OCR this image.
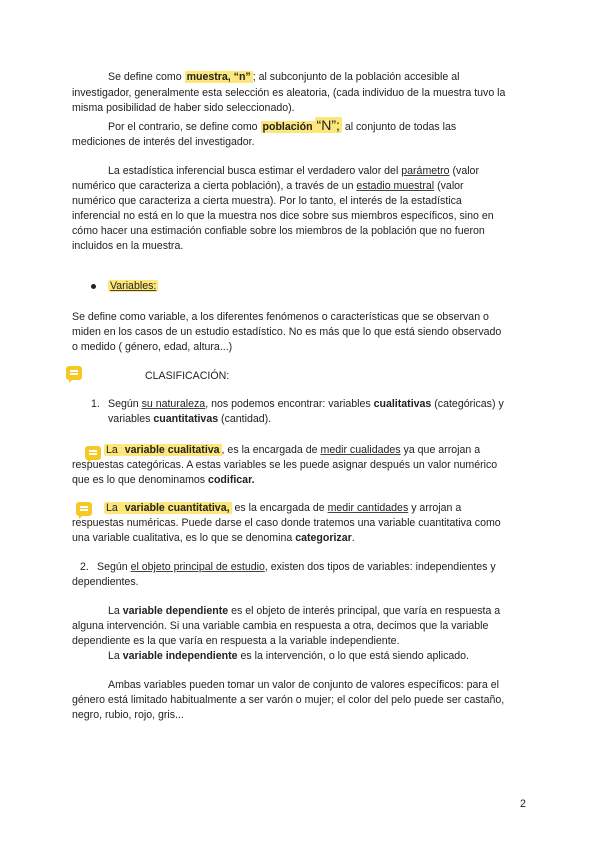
Se define como muestra, “n” ; al subconjunto de la población accesible al
investigador, generalmente esta selección es aleatoria, (cada individuo de la muestra tuvo la
misma posibilidad de haber sido seleccionado).
Por el contrario, se define como población “N”; al conjunto de todas las
mediciones de interés del investigador.
La estadística inferencial busca estimar el verdadero valor del parámetro (valor
numérico que caracteriza a cierta población), a través de un estadio muestral (valor
numérico que caracteriza a cierta muestra). Por lo tanto, el interés de la estadística
inferencial no está en lo que la muestra nos dice sobre sus miembros específicos, sino en
cómo hacer una estimación confiable sobre los miembros de la población que no fueron
incluidos en la muestra.
Variables:
Se define como variable, a los diferentes fenómenos o características que se observan o
miden en los casos de un estudio estadístico. No es más que lo que está siendo observado
o medido ( género, edad, altura...)
CLASIFICACIÓN:
1. Según su naturaleza, nos podemos encontrar: variables cualitativas (categóricas) y
variables cuantitativas (cantidad).
La variable cualitativa , es la encargada de medir cualidades ya que arrojan a
respuestas categóricas. A estas variables se les puede asignar después un valor numérico
que es lo que denominamos codificar.
La variable cuantitativa, es la encargada de medir cantidades y arrojan a
respuestas numéricas. Puede darse el caso donde tratemos una variable cuantitativa como
una variable cualitativa, es lo que se denomina categorizar.
2. Según el objeto principal de estudio, existen dos tipos de variables: independientes y
dependientes.
La variable dependiente es el objeto de interés principal, que varía en respuesta a
alguna intervención. Si una variable cambia en respuesta a otra, decimos que la variable
dependiente es la que varía en respuesta a la variable independiente.
La variable independiente es la intervención, o lo que está siendo aplicado.
Ambas variables pueden tomar un valor de conjunto de valores específicos: para el
género está limitado habitualmente a ser varón o mujer; el color del pelo puede ser castaño,
negro, rubio, rojo, gris...
2
